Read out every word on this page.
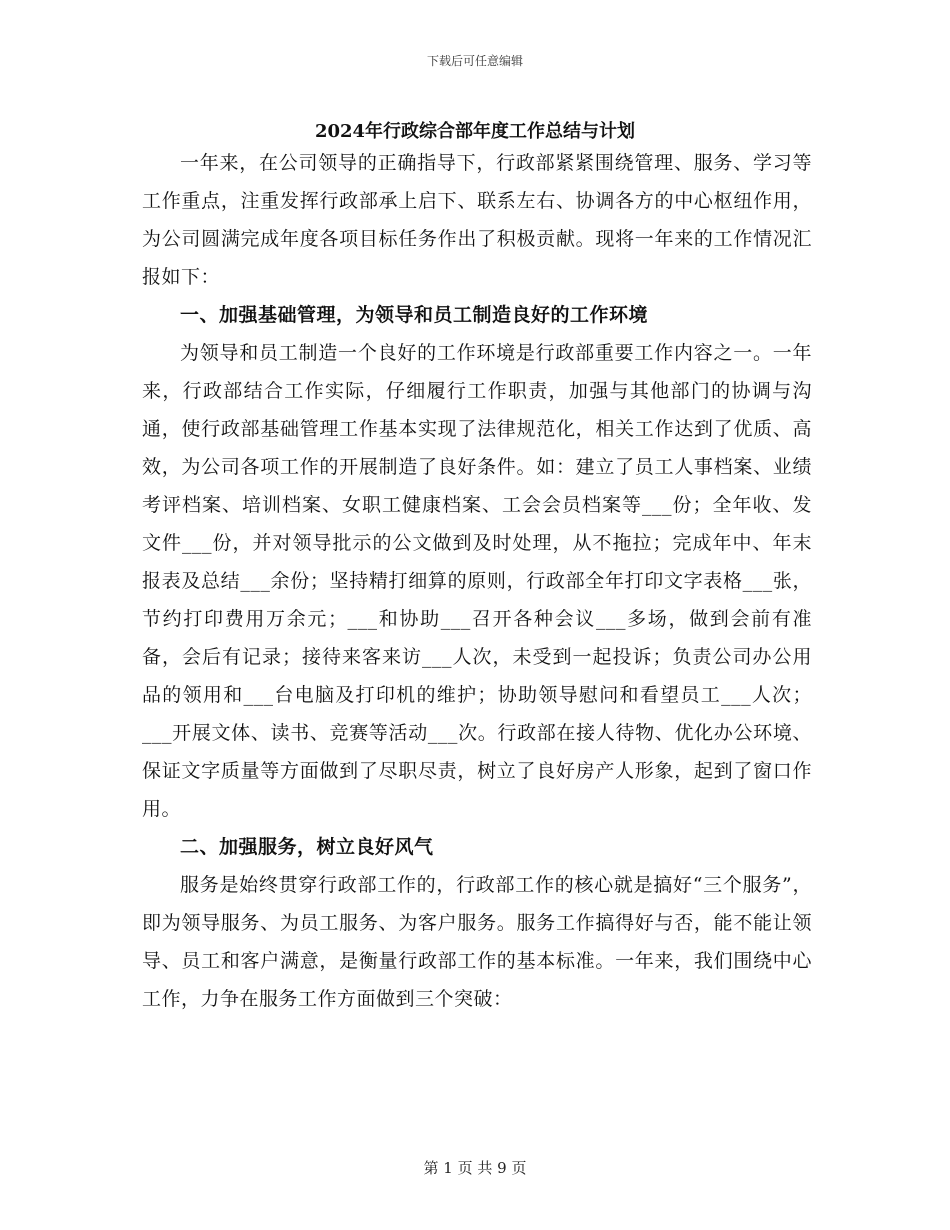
下载后可任意编辑
2024年行政综合部年度工作总结与计划

一年来，在公司领导的正确指导下，行政部紧紧围绕管理、服务、学习等工作重点，注重发挥行政部承上启下、联系左右、协调各方的中心枢纽作用，为公司圆满完成年度各项目标任务作出了积极贡献。现将一年来的工作情况汇报如下：

一、加强基础管理，为领导和员工制造良好的工作环境

为领导和员工制造一个良好的工作环境是行政部重要工作内容之一。一年来，行政部结合工作实际，仔细履行工作职责，加强与其他部门的协调与沟通，使行政部基础管理工作基本实现了法律规范化，相关工作达到了优质、高效，为公司各项工作的开展制造了良好条件。如：建立了员工人事档案、业绩考评档案、培训档案、女职工健康档案、工会会员档案等___份；全年收、发文件___份，并对领导批示的公文做到及时处理，从不拖拉；完成年中、年末报表及总结___余份；坚持精打细算的原则，行政部全年打印文字表格___张，节约打印费用万余元；___和协助___召开各种会议___多场，做到会前有准备，会后有记录；接待来客来访___人次，未受到一起投诉；负责公司办公用品的领用和___台电脑及打印机的维护；协助领导慰问和看望员工___人次；___开展文体、读书、竞赛等活动___次。行政部在接人待物、优化办公环境、保证文字质量等方面做到了尽职尽责，树立了良好房产人形象，起到了窗口作用。

二、加强服务，树立良好风气

服务是始终贯穿行政部工作的，行政部工作的核心就是搞好“三个服务”，即为领导服务、为员工服务、为客户服务。服务工作搞得好与否，能不能让领导、员工和客户满意，是衡量行政部工作的基本标准。一年来，我们围绕中心工作，力争在服务工作方面做到三个突破：

第 1 页 共 9 页
